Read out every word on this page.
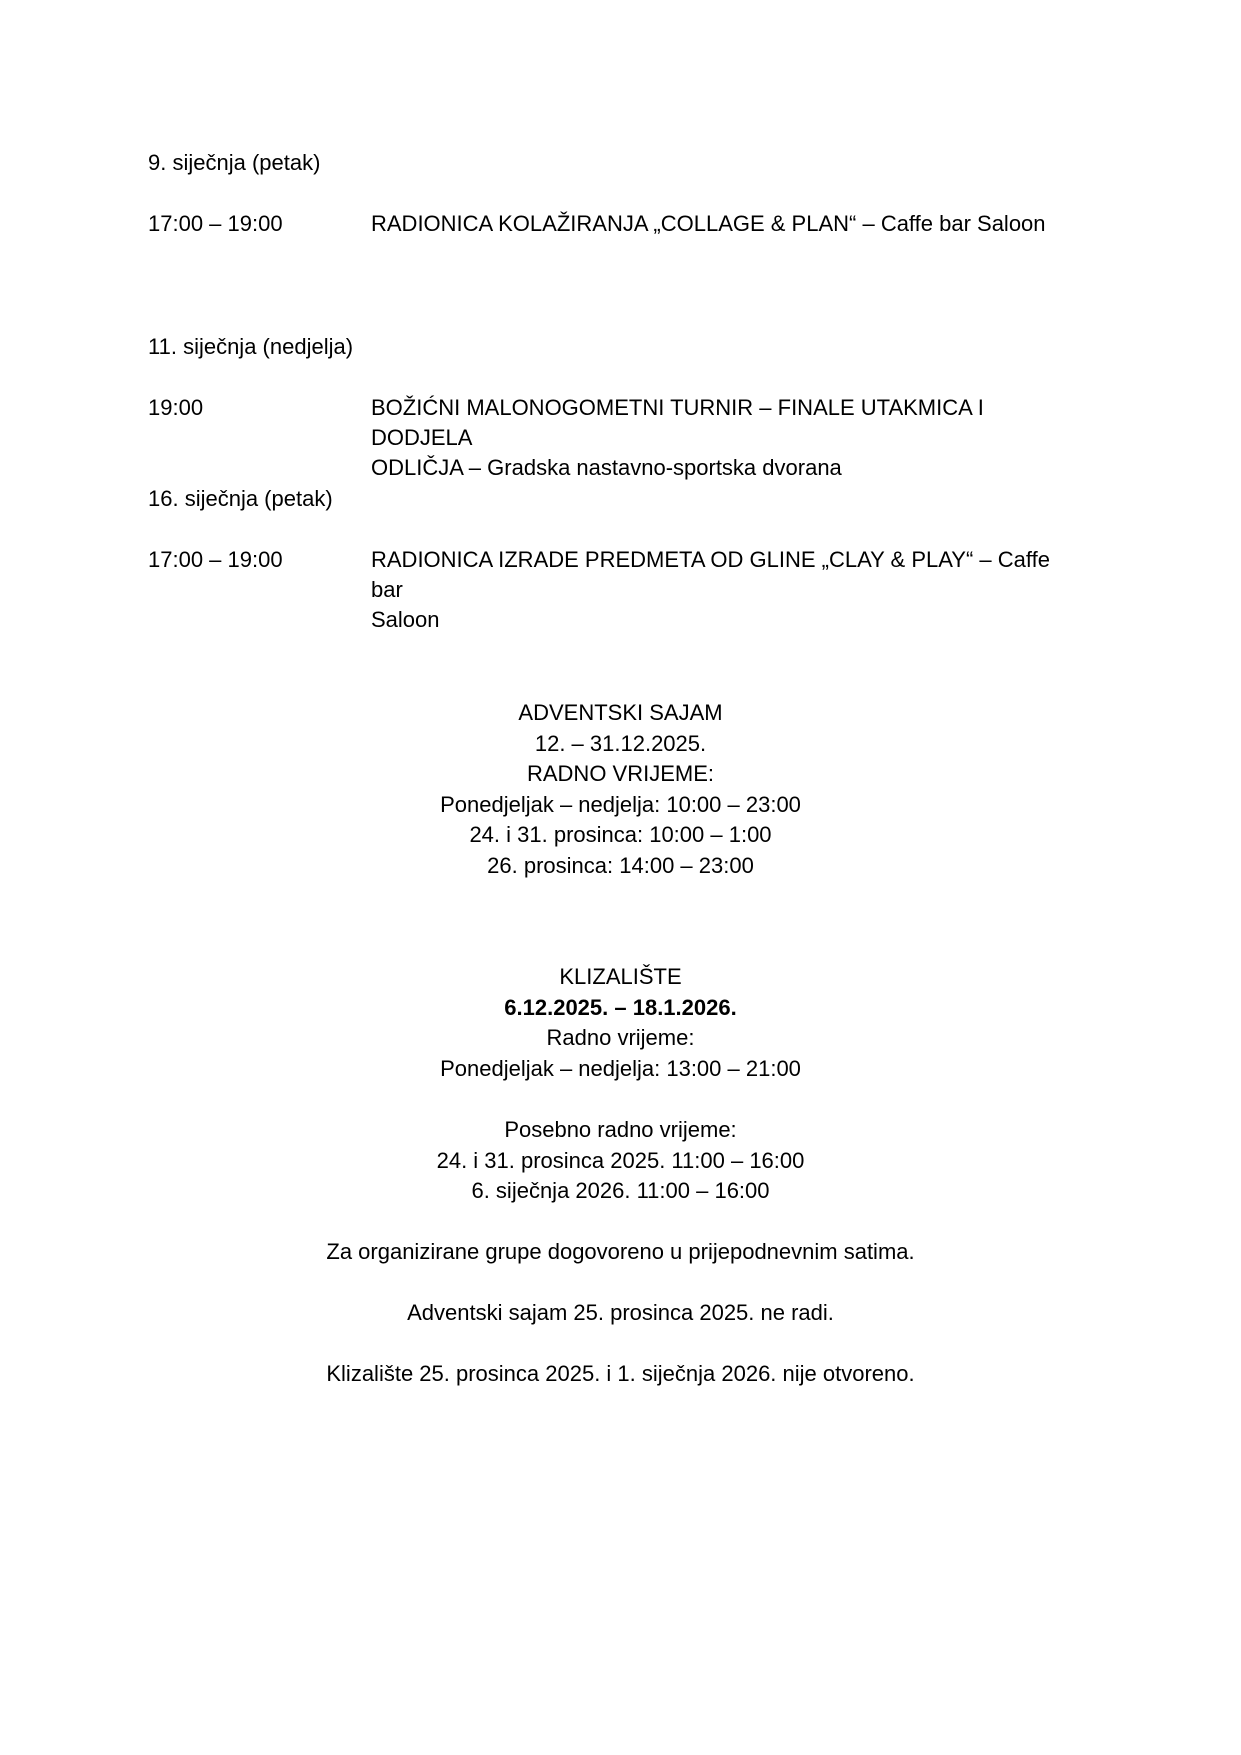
9. siječnja (petak)
17:00 – 19:00	RADIONICA KOLAŽIRANJA „COLLAGE & PLAN“ – Caffe bar Saloon
11. siječnja (nedjelja)
19:00	BOŽIĆNI MALONOGOMETNI TURNIR – FINALE UTAKMICA I DODJELA
ODLIČJA – Gradska nastavno-sportska dvorana
16. siječnja (petak)
17:00 – 19:00	RADIONICA IZRADE PREDMETA OD GLINE „CLAY & PLAY“ – Caffe bar
Saloon
ADVENTSKI SAJAM
12. – 31.12.2025.
RADNO VRIJEME:
Ponedjeljak – nedjelja: 10:00 – 23:00
24. i 31. prosinca: 10:00 – 1:00
26. prosinca: 14:00 – 23:00
KLIZALIŠTE
6.12.2025. – 18.1.2026.
Radno vrijeme:
Ponedjeljak – nedjelja: 13:00 – 21:00
Posebno radno vrijeme:
24. i 31. prosinca 2025. 11:00 – 16:00
6. siječnja 2026. 11:00 – 16:00
Za organizirane grupe dogovoreno u prijepodnevnim satima.
Adventski sajam 25. prosinca 2025. ne radi.
Klizalište 25. prosinca 2025. i 1. siječnja 2026. nije otvoreno.
